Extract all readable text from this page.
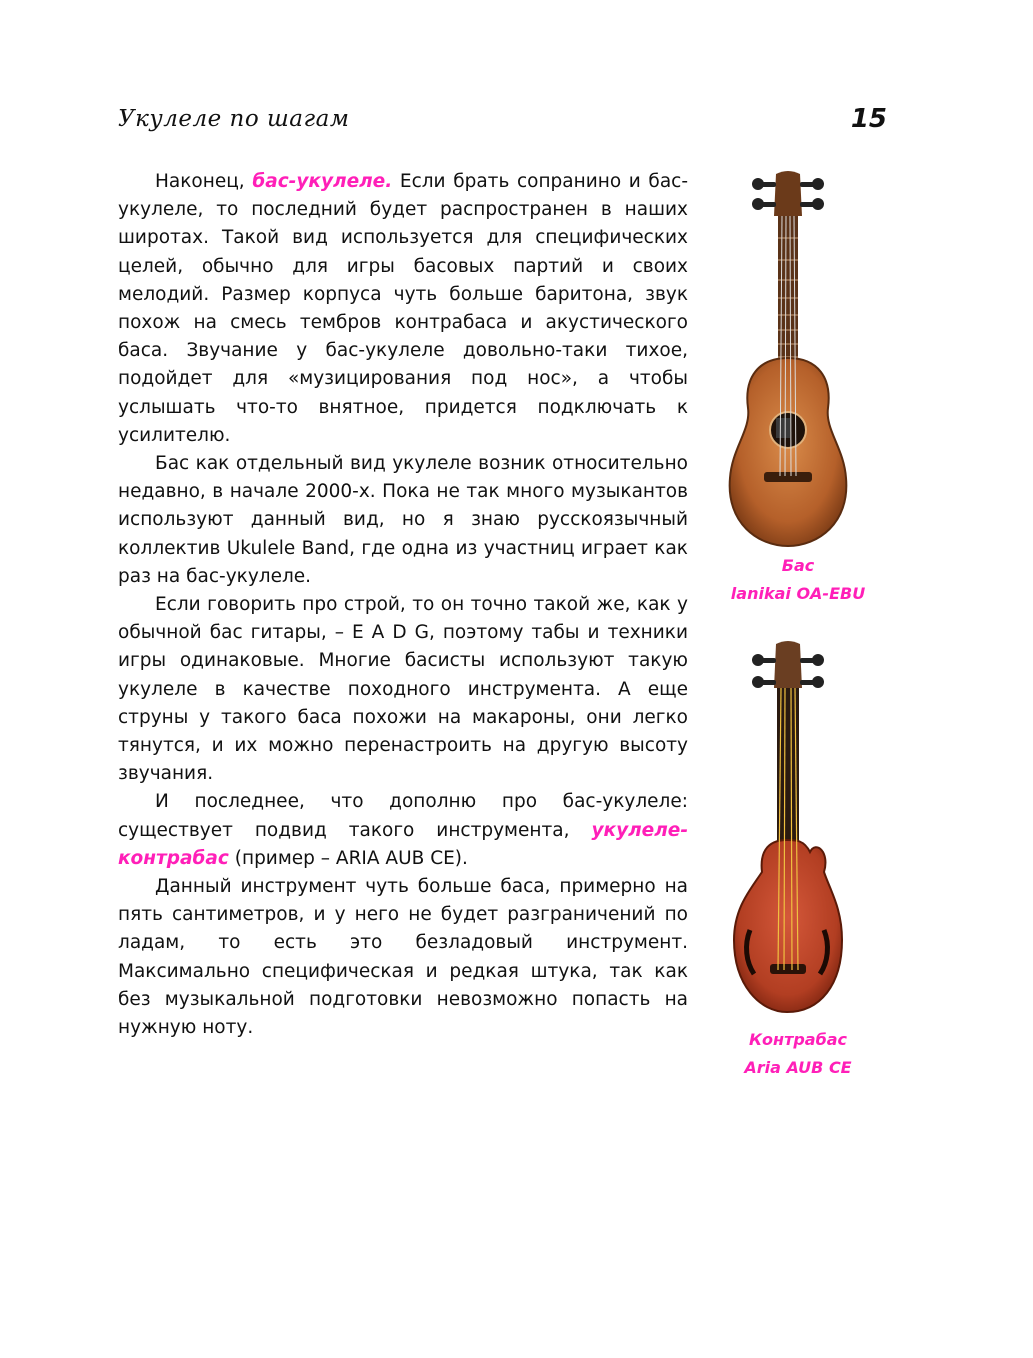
Укулеле по шагам	15

Наконец, бас-укулеле. Если брать сопранино и бас-укулеле, то последний будет распространен в наших широтах. Такой вид используется для специфических целей, обычно для игры басовых партий и своих мелодий. Размер корпуса чуть больше баритона, звук похож на смесь тембров контрабаса и акустического баса. Звучание у бас-укулеле довольно-таки тихое, подойдет для «музицирования под нос», а чтобы услышать что-то внятное, придется подключать к усилителю.

Бас как отдельный вид укулеле возник относительно недавно, в начале 2000-х. Пока не так много музыкантов используют данный вид, но я знаю русскоязычный коллектив Ukulele Band, где одна из участниц играет как раз на бас-укулеле.

Если говорить про строй, то он точно такой же, как у обычной бас гитары, – E A D G, поэтому табы и техники игры одинаковые. Многие басисты используют такую укулеле в качестве походного инструмента. А еще струны у такого баса похожи на макароны, они легко тянутся, и их можно перенастроить на другую высоту звучания.

И последнее, что дополню про бас-укулеле: существует подвид такого инструмента, укулеле-контрабас (пример – ARIA AUB CE).

Данный инструмент чуть больше баса, примерно на пять сантиметров, и у него не будет разграничений по ладам, то есть это безладовый инструмент. Максимально специфическая и редкая штука, так как без музыкальной подготовки невозможно попасть на нужную ноту.

Бас
lanikai OA-EBU
Контрабас
Aria AUB CE
